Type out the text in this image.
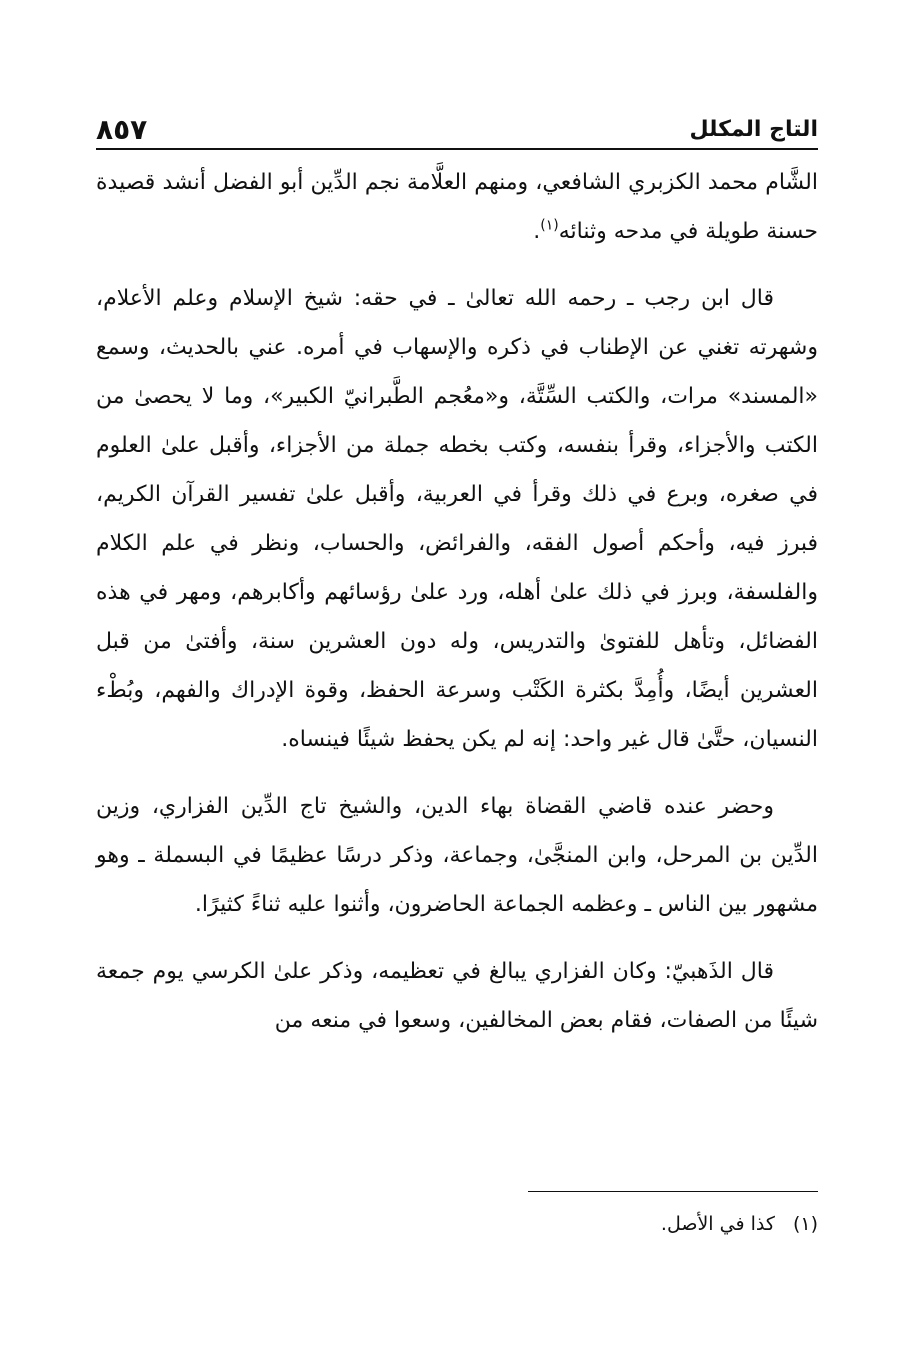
التاج المكلل
٨٥٧

الشَّام محمد الكزبري الشافعي، ومنهم العلَّامة نجم الدِّين أبو الفضل أنشد قصيدة حسنة طويلة في مدحه وثنائه$^{(١)}$.

قال ابن رجب ـ رحمه الله تعالىٰ ـ في حقه: شيخ الإسلام وعلم الأعلام، وشهرته تغني عن الإطناب في ذكره والإسهاب في أمره. عني بالحديث، وسمع «المسند» مرات، والكتب السِّتَّة، و«معُجم الطَّبرانيّ الكبير»، وما لا يحصىٰ من الكتب والأجزاء، وقرأ بنفسه، وكتب بخطه جملة من الأجزاء، وأقبل علىٰ العلوم في صغره، وبرع في ذلك وقرأ في العربية، وأقبل علىٰ تفسير القرآن الكريم، فبرز فيه، وأحكم أصول الفقه، والفرائض، والحساب، ونظر في علم الكلام والفلسفة، وبرز في ذلك علىٰ أهله، ورد علىٰ رؤسائهم وأكابرهم، ومهر في هذه الفضائل، وتأهل للفتوىٰ والتدريس، وله دون العشرين سنة، وأفتىٰ من قبل العشرين أيضًا، وأُمِدَّ بكثرة الكَتْب وسرعة الحفظ، وقوة الإدراك والفهم، وبُطْء النسيان، حتَّىٰ قال غير واحد: إنه لم يكن يحفظ شيئًا فينساه.

وحضر عنده قاضي القضاة بهاء الدين، والشيخ تاج الدِّين الفزاري، وزين الدِّين بن المرحل، وابن المنجَّىٰ، وجماعة، وذكر درسًا عظيمًا في البسملة ـ وهو مشهور بين الناس ـ وعظمه الجماعة الحاضرون، وأثنوا عليه ثناءً كثيرًا.

قال الذَهبيّ: وكان الفزاري يبالغ في تعظيمه، وذكر علىٰ الكرسي يوم جمعة شيئًا من الصفات، فقام بعض المخالفين، وسعوا في منعه من

(١) كذا في الأصل.
